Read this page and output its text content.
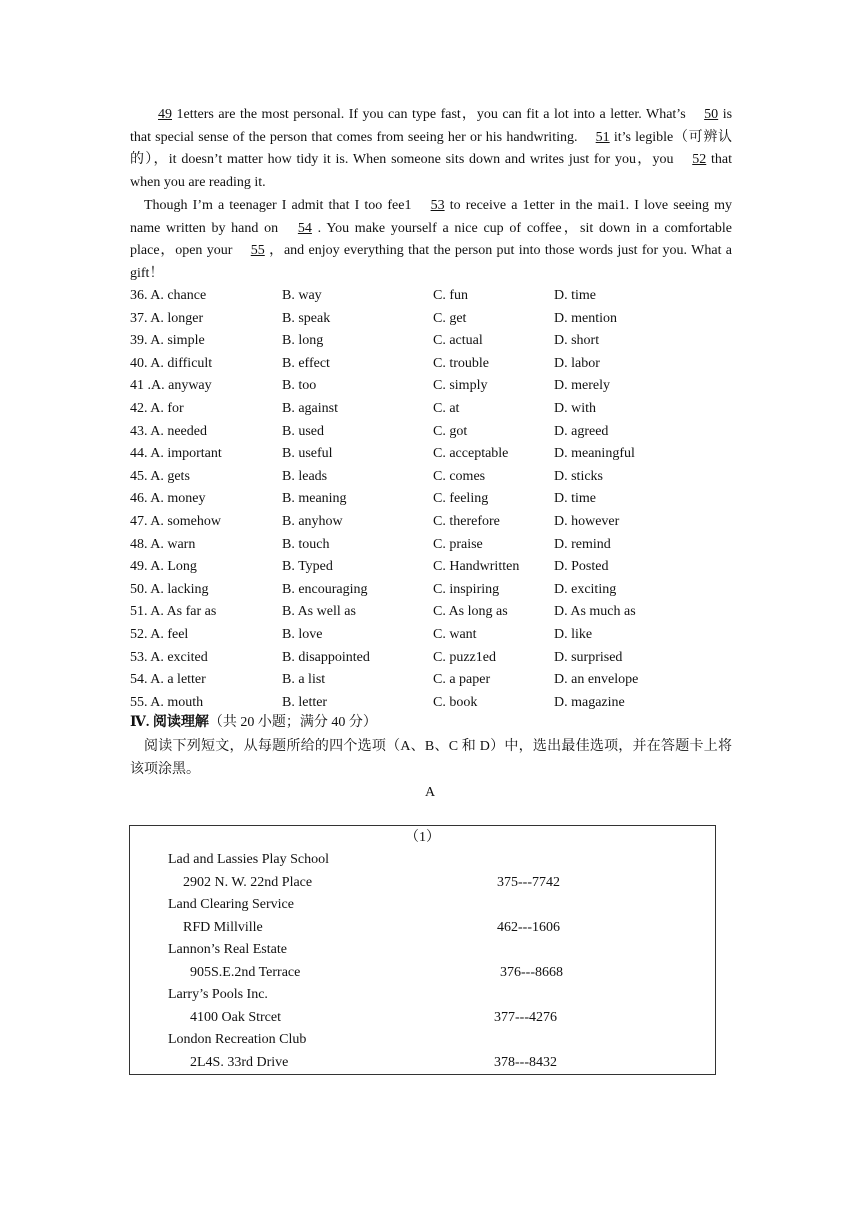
49 1etters are the most personal. If you can type fast，you can fit a lot into a letter. What’s 50 is that special sense of the person that comes from seeing her or his handwriting. 51 it’s legible（可辨认的），it doesn’t matter how tidy it is. When someone sits down and writes just for you，you 52 that when you are reading it.
Though I’m a teenager I admit that I too fee1 53 to receive a 1etter in the mai1. I love seeing my name written by hand on 54 . You make yourself a nice cup of coffee，sit down in a comfortable place，open your 55 ，and enjoy everything that the person put into those words just for you. What a gift！
36. A. chance	B. way	C. fun	D. time
37. A. longer	B. speak	C. get	D. mention
39. A. simple	B. long	C. actual	D. short
40. A. difficult	B. effect	C. trouble	D. labor
41 .A. anyway	B. too	C. simply	D. merely
42. A. for	B. against	C. at	D. with
43. A. needed	B. used	C. got	D. agreed
44. A. important	B. useful	C. acceptable	D. meaningful
45. A. gets	B. leads	C. comes	D. sticks
46. A. money	B. meaning	C. feeling	D. time
47. A. somehow	B. anyhow	C. therefore	D. however
48. A. warn	B. touch	C. praise	D. remind
49. A. Long	B. Typed	C. Handwritten D. Posted
50. A. lacking	B. encouraging	C. inspiring	D. exciting
51. A. As far as	B. As well as	C. As long as	D. As much as
52. A. feel	B. love	C. want	D. like
53. A. excited	B. disappointed	C. puzz1ed	D. surprised
54. A. a letter	B. a list	C. a paper	D. an envelope
55. A. mouth	B. letter	C. book	D. magazine
Ⅳ. 阅读理解（共 20 小题；满分 40 分）
阅读下列短文，从每题所给的四个选项（A、B、C 和 D）中，选出最佳选项，并在答题卡上将该项涂黑。
A
（1）
Lad and Lassies Play School
2902 N. W. 22nd Place	375---7742
Land Clearing Service
RFD Millville	462---1606
Lannon’s Real Estate
905S.E.2nd Terrace	376---8668
Larry’s Pools Inc.
4100 Oak Strcet	377---4276
London Recreation Club
2L4S. 33rd Drive	378---8432
